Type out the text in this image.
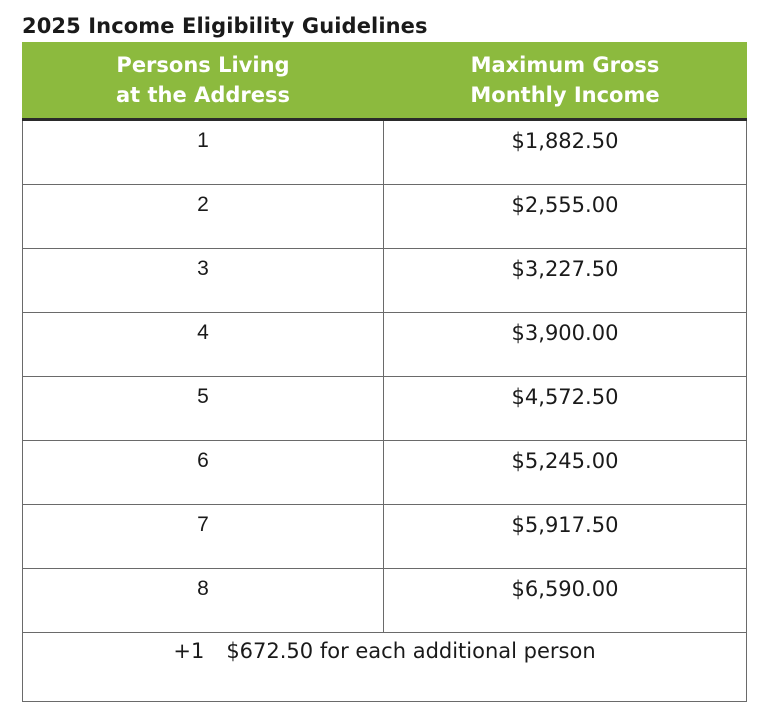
2025 Income Eligibility Guidelines
Persons Living
at the Address	Maximum Gross
Monthly Income

1	$1,882.50
2	$2,555.00
3	$3,227.50
4	$3,900.00
5	$4,572.50
6	$5,245.00
7	$5,917.50
8	$6,590.00
+1 $672.50 for each additional person	
